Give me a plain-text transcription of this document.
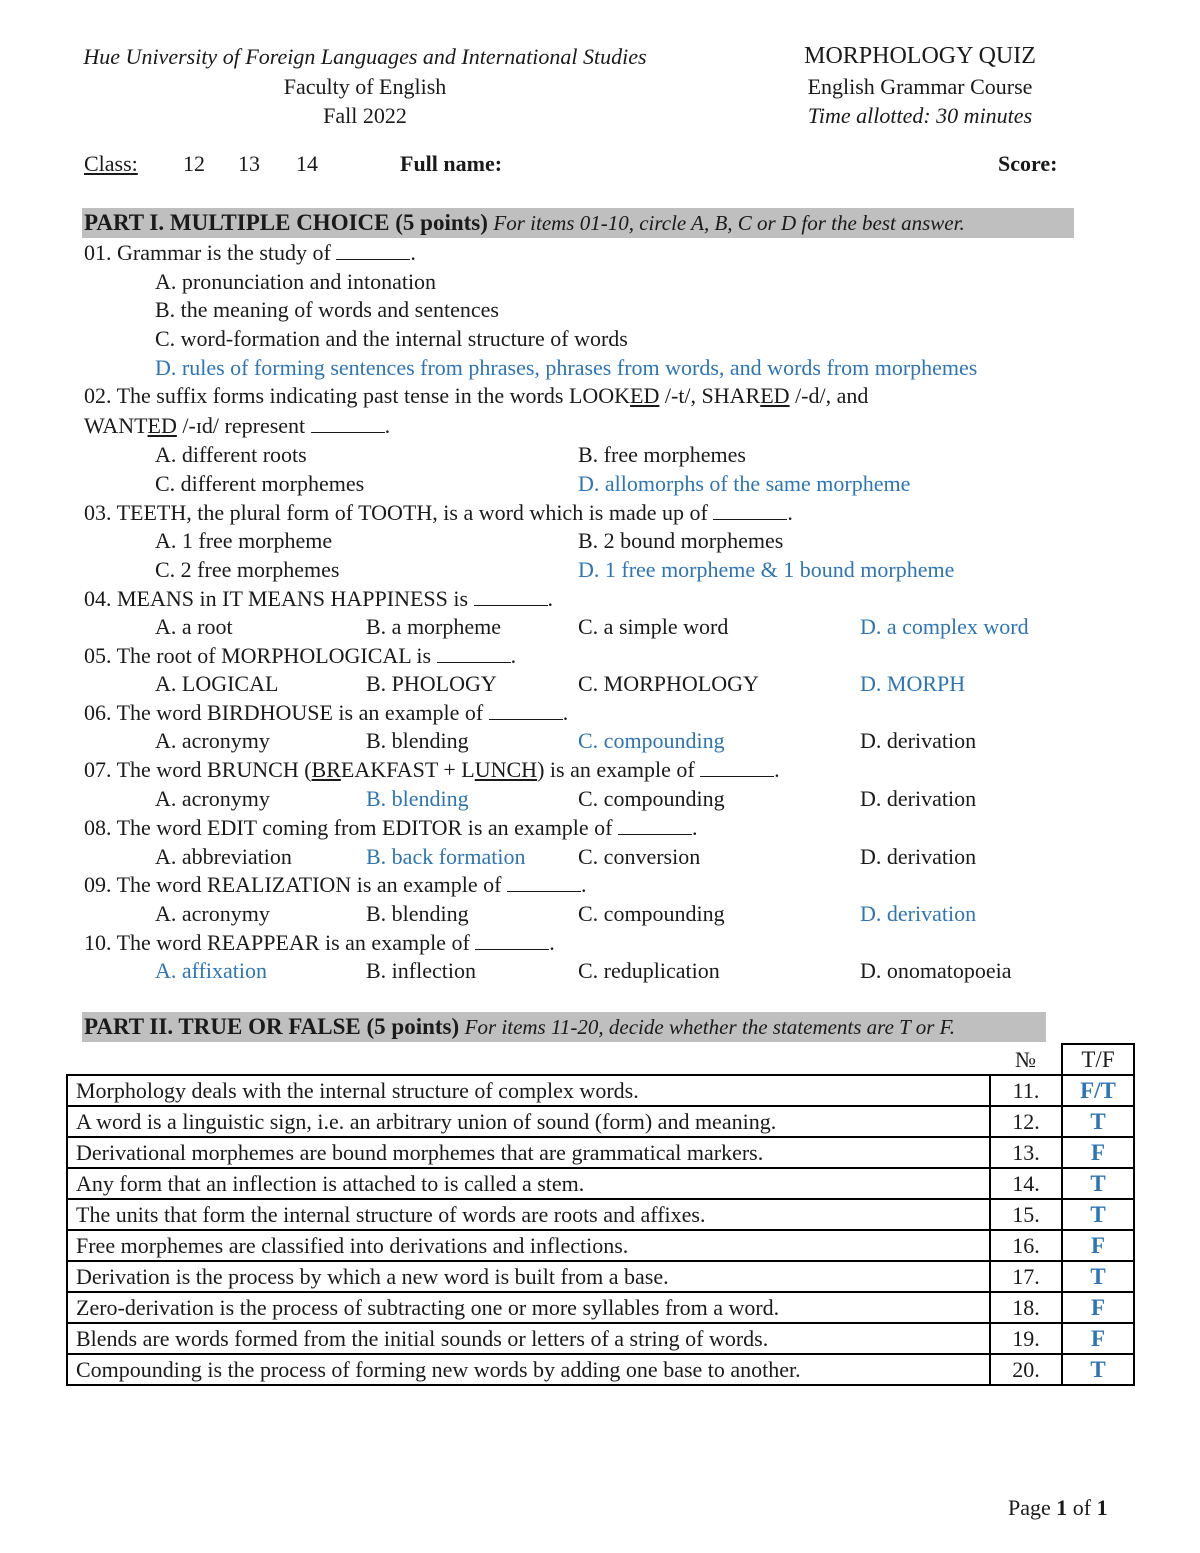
Hue University of Foreign Languages and International Studies
Faculty of English
Fall 2022
MORPHOLOGY QUIZ
English Grammar Course
Time allotted: 30 minutes
Class: 12 13 14	Full name:	Score:
PART I. MULTIPLE CHOICE (5 points) For items 01-10, circle A, B, C or D for the best answer.
01. Grammar is the study of	.
A. pronunciation and intonation
B. the meaning of words and sentences
C. word-formation and the internal structure of words
D. rules of forming sentences from phrases, phrases from words, and words from morphemes
02. The suffix forms indicating past tense in the words LOOKED /-t/, SHARED /-d/, and
WANTED /-ɪd/ represent	.
A. different roots	B. free morphemes
C. different morphemes	D. allomorphs of the same morpheme
03. TEETH, the plural form of TOOTH, is a word which is made up of	.
A. 1 free morpheme	B. 2 bound morphemes
C. 2 free morphemes	D. 1 free morpheme & 1 bound morpheme
04. MEANS in IT MEANS HAPPINESS is	.
A. a root	B. a morpheme	C. a simple word	D. a complex word
05. The root of MORPHOLOGICAL is	.
A. LOGICAL	B. PHOLOGY	C. MORPHOLOGY	D. MORPH
06. The word BIRDHOUSE is an example of	.
A. acronymy	B. blending	C. compounding	D. derivation
07. The word BRUNCH (BREAKFAST + LUNCH) is an example of	.
A. acronymy	B. blending	C. compounding	D. derivation
08. The word EDIT coming from EDITOR is an example of	.
A. abbreviation	B. back formation C. conversion	D. derivation
09. The word REALIZATION is an example of	.
A. acronymy	B. blending	C. compounding	D. derivation
10. The word REAPPEAR is an example of	.
A. affixation	B. inflection	C. reduplication	D. onomatopoeia
PART II. TRUE OR FALSE (5 points) For items 11-20, decide whether the statements are T or F.
	№	T/F
Morphology deals with the internal structure of complex words.	11.	F/T
A word is a linguistic sign, i.e. an arbitrary union of sound (form) and meaning.	12.	T
Derivational morphemes are bound morphemes that are grammatical markers.	13.	F
Any form that an inflection is attached to is called a stem.	14.	T
The units that form the internal structure of words are roots and affixes.	15.	T
Free morphemes are classified into derivations and inflections.	16.	F
Derivation is the process by which a new word is built from a base.	17.	T
Zero-derivation is the process of subtracting one or more syllables from a word.	18.	F
Blends are words formed from the initial sounds or letters of a string of words.	19.	F
Compounding is the process of forming new words by adding one base to another.	20.	T
Page 1 of 1
